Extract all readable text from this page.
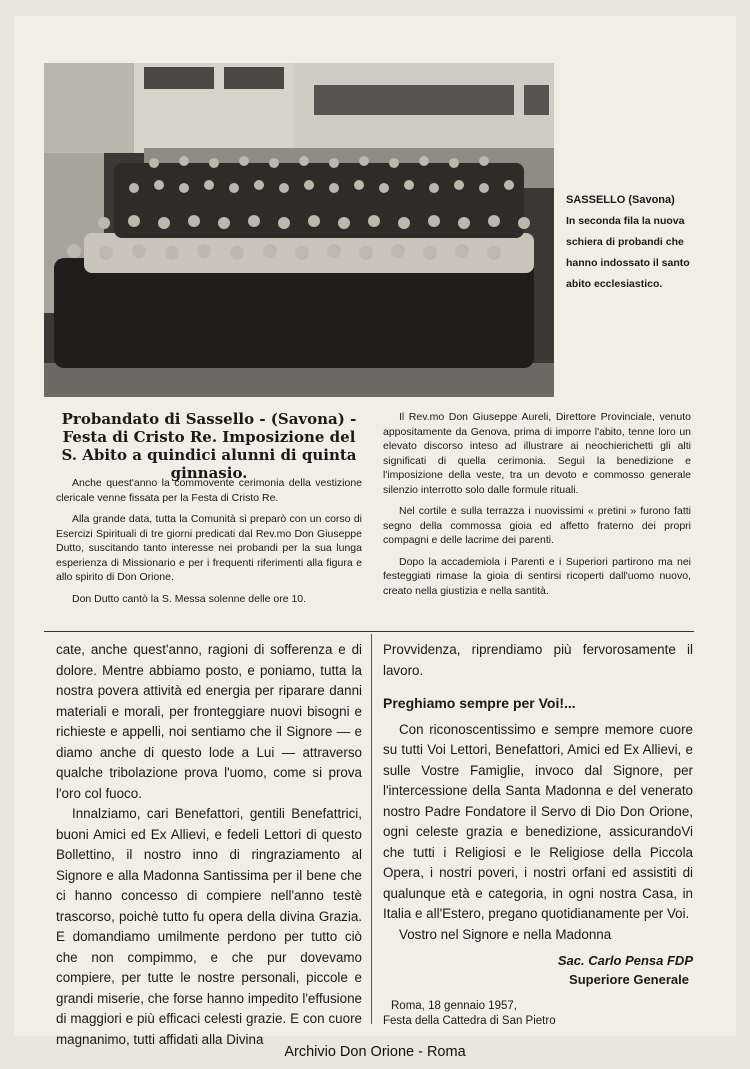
SASSELLO (Savona)
In seconda fila la nuova schiera di probandi che hanno indossato il santo abito ecclesiastico.
Probandato di Sassello - (Savona) - Festa di Cristo Re. Imposizione del S. Abito a quindici alunni di quinta ginnasio.

Anche quest'anno la commovente cerimonia della vestizione clericale venne fissata per la Festa di Cristo Re.

Alla grande data, tutta la Comunità si preparò con un corso di Esercizi Spirituali di tre giorni predicati dal Rev.mo Don Giuseppe Dutto, suscitando tanto interesse nei probandi per la sua lunga esperienza di Missionario e per i frequenti riferimenti alla figura e allo spirito di Don Orione.

Don Dutto cantò la S. Messa solenne delle ore 10.

Il Rev.mo Don Giuseppe Aureli, Direttore Provinciale, venuto appositamente da Genova, prima di imporre l'abito, tenne loro un elevato discorso inteso ad illustrare ai neochierichetti gli alti significati di quella cerimonia. Seguì la benedizione e l'imposizione della veste, tra un devoto e commosso generale silenzio interrotto solo dalle formule rituali.

Nel cortile e sulla terrazza i nuovissimi « pretini » furono fatti segno della commossa gioia ed affetto fraterno dei propri compagni e delle lacrime dei parenti.

Dopo la accademiola i Parenti e i Superiori partirono ma nei festeggiati rimase la gioia di sentirsi ricoperti dall'uomo nuovo, creato nella giustizia e nella santità.

cate, anche quest'anno, ragioni di sofferenza e di dolore. Mentre abbiamo posto, e poniamo, tutta la nostra povera attività ed energia per riparare danni materiali e morali, per fronteggiare nuovi bisogni e richieste e appelli, noi sentiamo che il Signore — e diamo anche di questo lode a Lui — attraverso qualche tribolazione prova l'uomo, come si prova l'oro col fuoco.

Innalziamo, cari Benefattori, gentili Benefattrici, buoni Amici ed Ex Allievi, e fedeli Lettori di questo Bollettino, il nostro inno di ringraziamento al Signore e alla Madonna Santissima per il bene che ci hanno concesso di compiere nell'anno testè trascorso, poichè tutto fu opera della divina Grazia. E domandiamo umilmente perdono per tutto ciò che non compimmo, e che pur dovevamo compiere, per tutte le nostre personali, piccole e grandi miserie, che forse hanno impedito l'effusione di maggiori e più efficaci celesti grazie. E con cuore magnanimo, tutti affidati alla Divina

Provvidenza, riprendiamo più fervorosamente il lavoro.

Preghiamo sempre per Voi!...

Con riconoscentissimo e sempre memore cuore su tutti Voi Lettori, Benefattori, Amici ed Ex Allievi, e sulle Vostre Famiglie, invoco dal Signore, per l'intercessione della Santa Madonna e del venerato nostro Padre Fondatore il Servo di Dio Don Orione, ogni celeste grazia e benedizione, assicurandoVi che tutti i Religiosi e le Religiose della Piccola Opera, i nostri poveri, i nostri orfani ed assistiti di qualunque età e categoria, in ogni nostra Casa, in Italia e all'Estero, pregano quotidianamente per Voi.

Vostro nel Signore e nella Madonna

Sac. Carlo Pensa FDP
Superiore Generale
Roma, 18 gennaio 1957,
Festa della Cattedra di San Pietro
Archivio Don Orione - Roma
